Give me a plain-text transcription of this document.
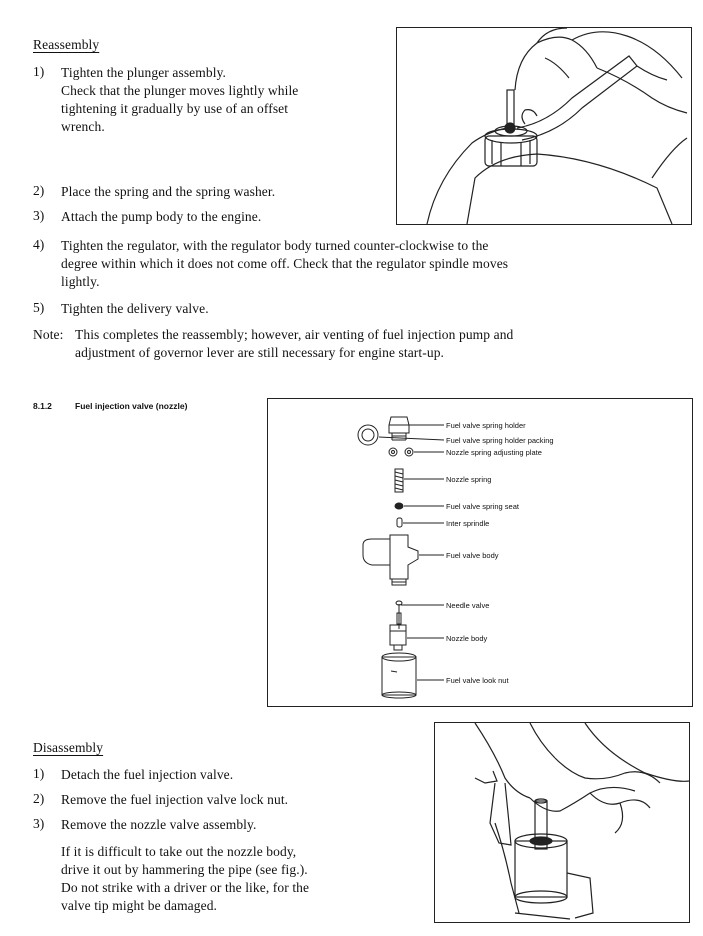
Reassembly
1) Tighten the plunger assembly.
Check that the plunger moves lightly while
tightening it gradually by use of an offset
wrench.
2) Place the spring and the spring washer.
3) Attach the pump body to the engine.
4) Tighten the regulator, with the regulator body turned counter-clockwise to the
degree within which it does not come off. Check that the regulator spindle moves
lightly.
5) Tighten the delivery valve.
Note: This completes the reassembly; however, air venting of fuel injection pump and
adjustment of governor lever are still necessary for engine start-up.
8.1.2	Fuel injection valve (nozzle)
Fuel valve spring holder
Fuel valve spring holder packing
Nozzle spring adjusting plate
Nozzle spring
Fuel valve spring seat
Inter sprindle
Fuel valve body
Needle valve
Nozzle body
Fuel valve look nut
Disassembly
1) Detach the fuel injection valve.
2) Remove the fuel injection valve lock nut.
3) Remove the nozzle valve assembly.
If it is difficult to take out the nozzle body,
drive it out by hammering the pipe (see fig.).
Do not strike with a driver or the like, for the
valve tip might be damaged.
